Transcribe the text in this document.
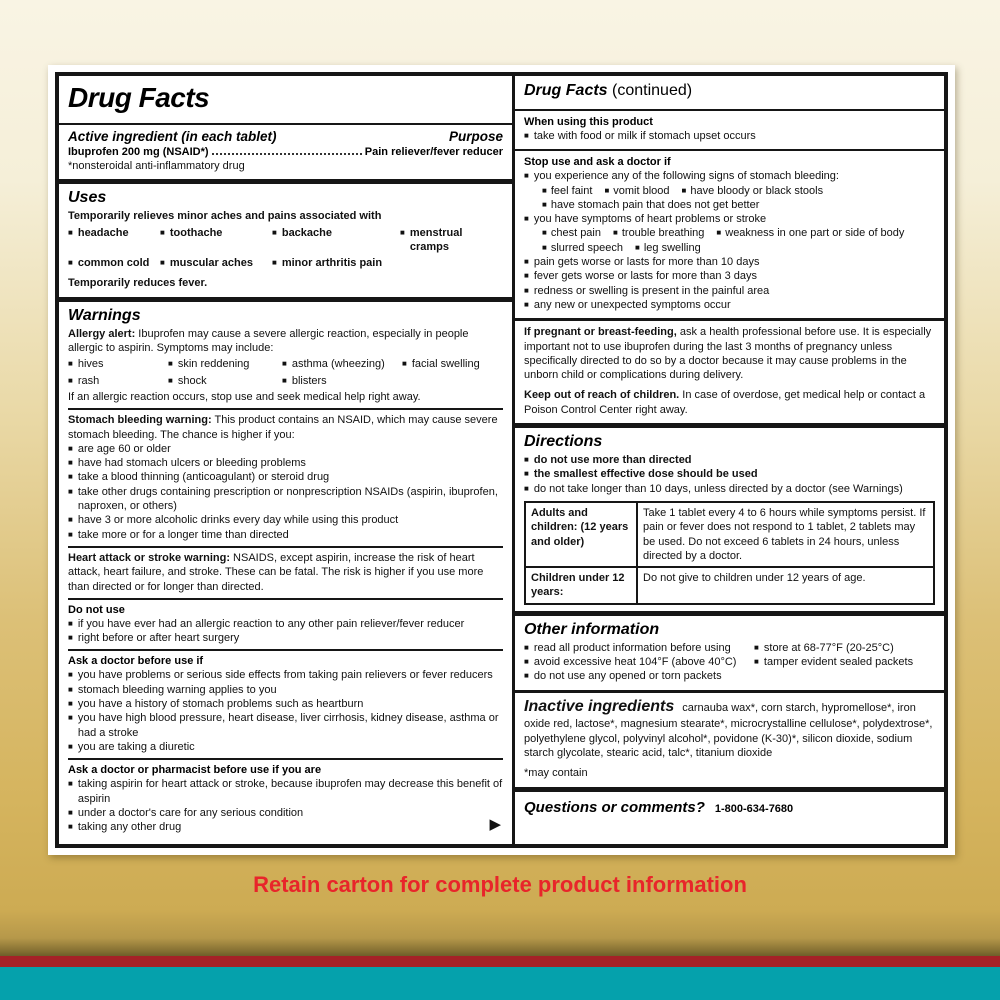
Drug Facts
Active ingredient (in each tablet)	Purpose
Ibuprofen 200 mg (NSAID*)	Pain reliever/fever reducer

*nonsteroidal anti-inflammatory drug

Uses

Temporarily relieves minor aches and pains associated with

■ headache	■ toothache	■ backache	■ menstrual cramps
■ common cold	■ muscular aches	■ minor arthritis pain

Temporarily reduces fever.

Warnings

Allergy alert: Ibuprofen may cause a severe allergic reaction, especially in people allergic to aspirin. Symptoms may include:

■ hives	■ skin reddening	■ asthma (wheezing)	■ facial swelling
■ rash	■ shock	■ blisters

If an allergic reaction occurs, stop use and seek medical help right away.

Stomach bleeding warning: This product contains an NSAID, which may cause severe stomach bleeding. The chance is higher if you:

■ are age 60 or older
■ have had stomach ulcers or bleeding problems
■ take a blood thinning (anticoagulant) or steroid drug
■ take other drugs containing prescription or nonprescription NSAIDs (aspirin, ibuprofen, naproxen, or others)
■ have 3 or more alcoholic drinks every day while using this product
■ take more or for a longer time than directed

Heart attack or stroke warning: NSAIDS, except aspirin, increase the risk of heart attack, heart failure, and stroke. These can be fatal. The risk is higher if you use more than directed or for longer than directed.

Do not use
■ if you have ever had an allergic reaction to any other pain reliever/fever reducer
■ right before or after heart surgery
Ask a doctor before use if
■ you have problems or serious side effects from taking pain relievers or fever reducers
■ stomach bleeding warning applies to you
■ you have a history of stomach problems such as heartburn
■ you have high blood pressure, heart disease, liver cirrhosis, kidney disease, asthma or had a stroke
■ you are taking a diuretic
Ask a doctor or pharmacist before use if you are
■ taking aspirin for heart attack or stroke, because ibuprofen may decrease this benefit of aspirin
■ under a doctor's care for any serious condition
■ taking any other drug	▶
Drug Facts (continued)
When using this product
■ take with food or milk if stomach upset occurs
Stop use and ask a doctor if
■ you experience any of the following signs of stomach bleeding:
■ feel faint	■ vomit blood	■ have bloody or black stools
■ have stomach pain that does not get better
■ you have symptoms of heart problems or stroke
■ chest pain	■ trouble breathing	■ weakness in one part or side of body
■ slurred speech	■ leg swelling
■ pain gets worse or lasts for more than 10 days
■ fever gets worse or lasts for more than 3 days
■ redness or swelling is present in the painful area
■ any new or unexpected symptoms occur

If pregnant or breast-feeding, ask a health professional before use. It is especially important not to use ibuprofen during the last 3 months of pregnancy unless specifically directed to do so by a doctor because it may cause problems in the unborn child or complications during delivery.

Keep out of reach of children. In case of overdose, get medical help or contact a Poison Control Center right away.

Directions
■ do not use more than directed
■ the smallest effective dose should be used
■ do not take longer than 10 days, unless directed by a doctor (see Warnings)
Adults and children: (12 years and older)	Take 1 tablet every 4 to 6 hours while symptoms persist. If pain or fever does not respond to 1 tablet, 2 tablets may be used. Do not exceed 6 tablets in 24 hours, unless directed by a doctor.
Children under 12 years:	Do not give to children under 12 years of age.
Other information
■ read all product information before using
■ avoid excessive heat 104°F (above 40°C)
■ do not use any opened or torn packets
■ store at 68-77°F (20-25°C)
■ tamper evident sealed packets

Inactive ingredients carnauba wax*, corn starch, hypromellose*, iron oxide red, lactose*, magnesium stearate*, microcrystalline cellulose*, polydextrose*, polyethylene glycol, polyvinyl alcohol*, povidone (K-30)*, silicon dioxide, sodium starch glycolate, stearic acid, talc*, titanium dioxide

*may contain

Questions or comments? 1-800-634-7680
Retain carton for complete product information
